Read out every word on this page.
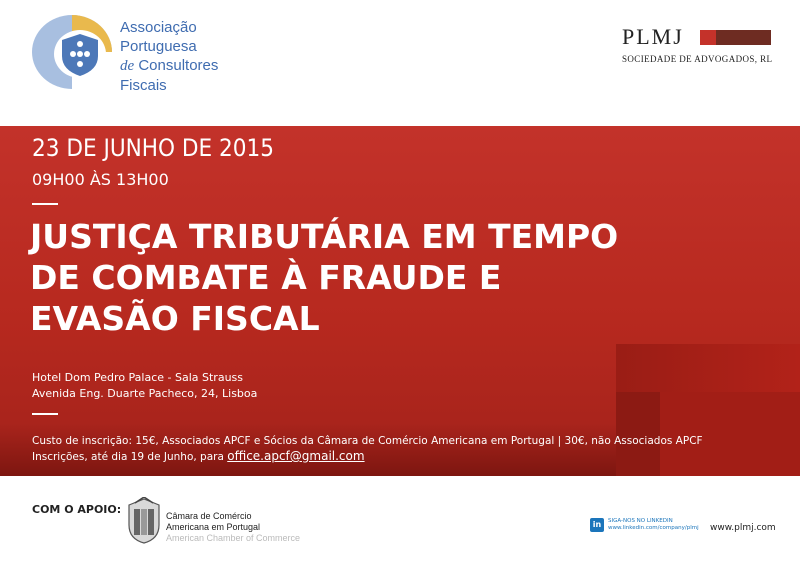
Associação
Portuguesa
de Consultores
Fiscais
PLMJ
SOCIEDADE DE ADVOGADOS, RL
23 DE JUNHO DE 2015
09H00 ÀS 13H00
JUSTIÇA TRIBUTÁRIA EM TEMPO
DE COMBATE À FRAUDE E
EVASÃO FISCAL
Hotel Dom Pedro Palace - Sala Strauss
Avenida Eng. Duarte Pacheco, 24, Lisboa
Custo de inscrição: 15€, Associados APCF e Sócios da Câmara de Comércio Americana em Portugal | 30€, não Associados APCF
Inscrições, até dia 19 de Junho, para office.apcf@gmail.com
COM O APOIO:	Câmara de Comércio
Americana em Portugal
American Chamber of Commerce
in	SIGA-NOS NO LINKEDIN
www.linkedin.com/company/plmj www.plmj.com
